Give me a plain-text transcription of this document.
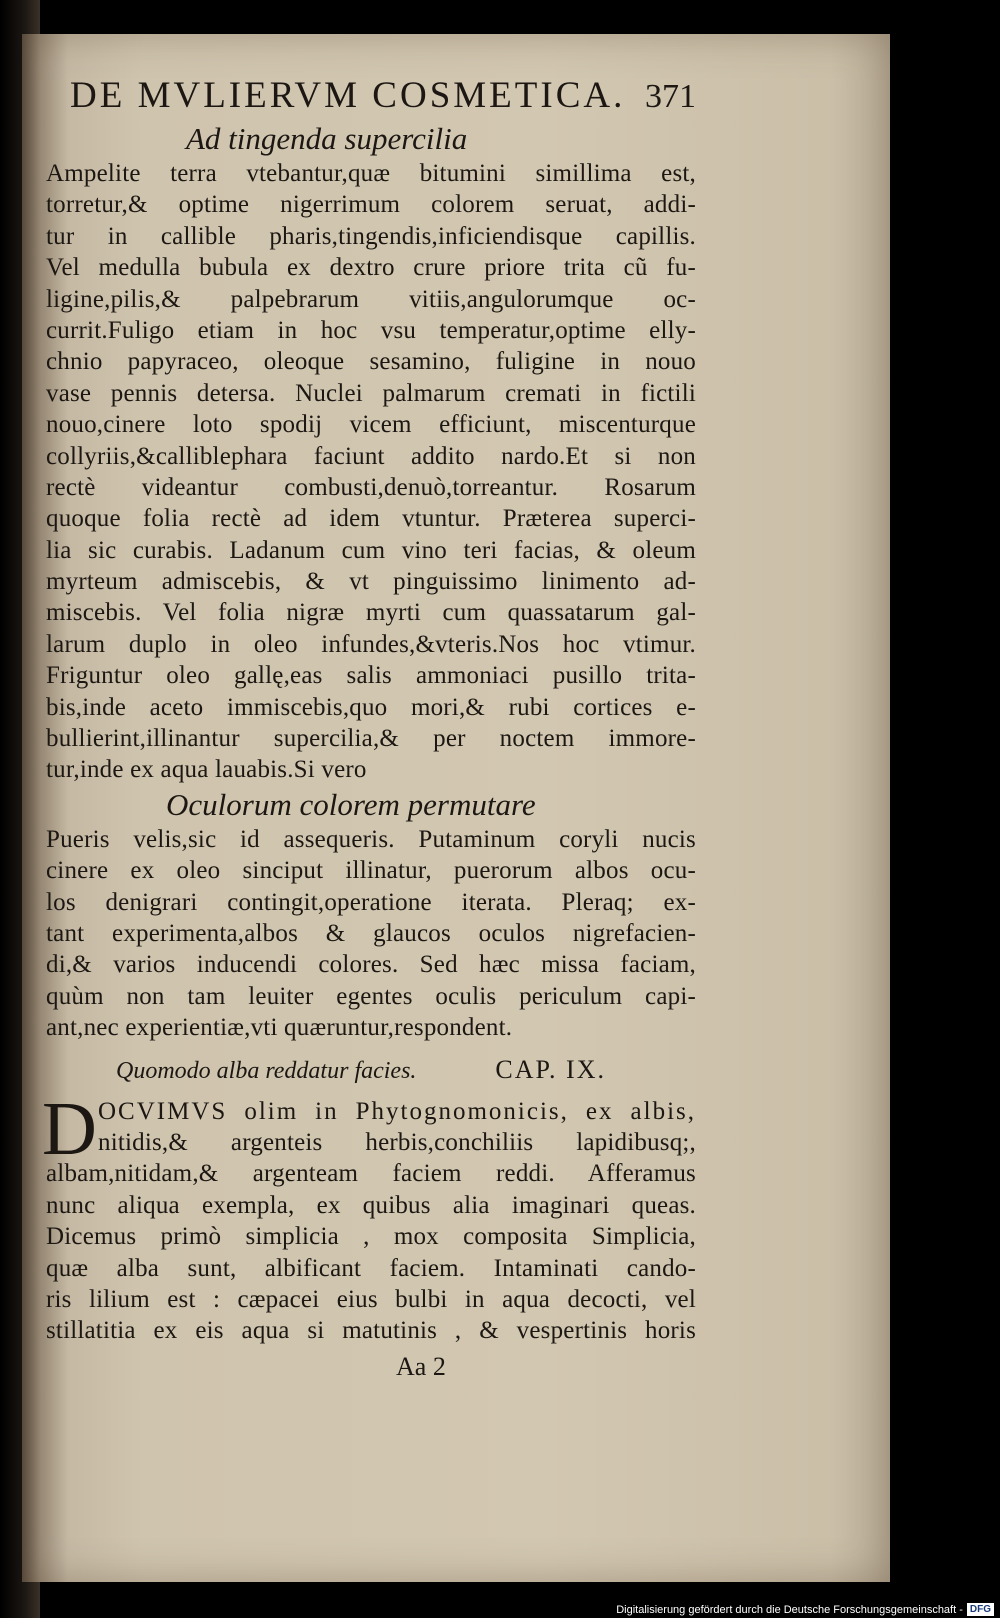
DE MVLIERVM COSMETICA. 371
Ad tingenda supercilia
Ampelite terra vtebantur,quæ bitumini simillima est,
torretur,& optime nigerrimum colorem seruat, addi-
tur in callible pharis,tingendis,inficiendisque capillis.
Vel medulla bubula ex dextro crure priore trita cũ fu-
ligine,pilis,& palpebrarum vitiis,angulorumque oc-
currit.Fuligo etiam in hoc vsu temperatur,optime elly-
chnio papyraceo, oleoque sesamino, fuligine in nouo
vase pennis detersa. Nuclei palmarum cremati in fictili
nouo,cinere loto spodij vicem efficiunt, miscenturque
collyriis,&calliblephara faciunt addito nardo.Et si non
rectè videantur combusti,denuò,torreantur. Rosarum
quoque folia rectè ad idem vtuntur. Præterea superci-
lia sic curabis. Ladanum cum vino teri facias, & oleum
myrteum admiscebis, & vt pinguissimo linimento ad-
miscebis. Vel folia nigræ myrti cum quassatarum gal-
larum duplo in oleo infundes,&vteris.Nos hoc vtimur.
Friguntur oleo gallę,eas salis ammoniaci pusillo trita-
bis,inde aceto immiscebis,quo mori,& rubi cortices e-
bullierint,illinantur supercilia,& per noctem immore-
tur,inde ex aqua lauabis.Si vero
Oculorum colorem permutare
Pueris velis,sic id assequeris. Putaminum coryli nucis
cinere ex oleo sinciput illinatur, puerorum albos ocu-
los denigrari contingit,operatione iterata. Pleraq; ex-
tant experimenta,albos & glaucos oculos nigrefacien-
di,& varios inducendi colores. Sed hæc missa faciam,
quùm non tam leuiter egentes oculis periculum capi-
ant,nec experientiæ,vti quæruntur,respondent.
Quomodo alba reddatur facies.	CAP. IX.
D OCVIMVS olim in Phytognomonicis, ex albis,
nitidis,& argenteis herbis,conchiliis lapidibusq;,
albam,nitidam,& argenteam faciem reddi. Afferamus
nunc aliqua exempla, ex quibus alia imaginari queas.
Dicemus primò simplicia , mox composita Simplicia,
quæ alba sunt, albificant faciem. Intaminati cando-
ris lilium est : cæpacei eius bulbi in aqua decocti, vel
stillatitia ex eis aqua si matutinis , & vespertinis horis
Aa 2
Digitalisierung gefördert durch die Deutsche Forschungsgemeinschaft - DFG
